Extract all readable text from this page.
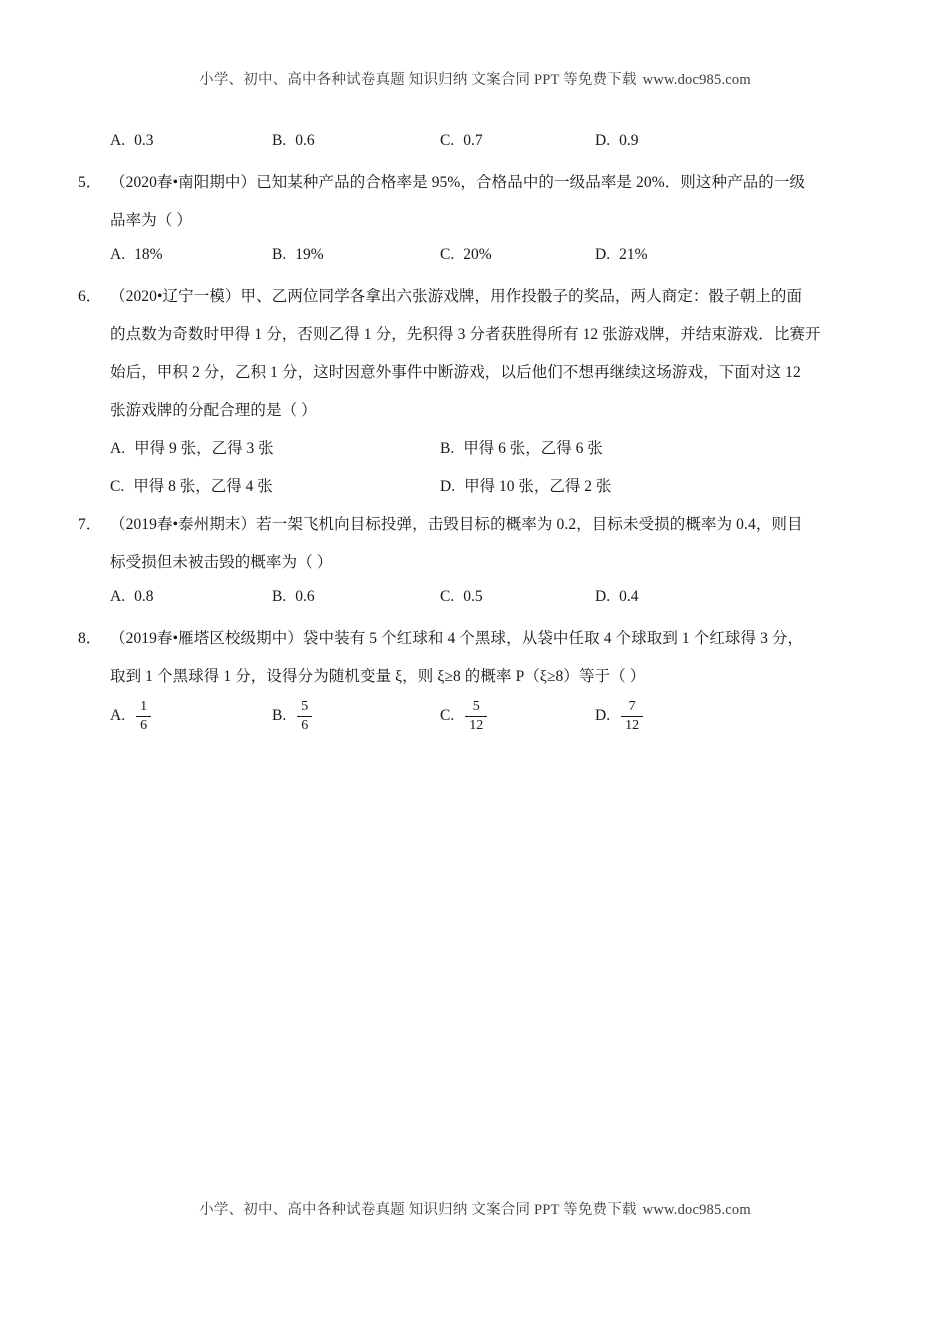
小学、初中、高中各种试卷真题 知识归纳 文案合同 PPT 等免费下载 www.doc985.com
A. 0.3	B. 0.6	C. 0.7	D. 0.9
5． （2020春•南阳期中）已知某种产品的合格率是 95%，合格品中的一级品率是 20%．则这种产品的一级
品率为（ ）
A. 18%	B. 19%	C. 20%	D. 21%
6． （2020•辽宁一模）甲、乙两位同学各拿出六张游戏牌，用作投骰子的奖品，两人商定：骰子朝上的面
的点数为奇数时甲得 1 分，否则乙得 1 分，先积得 3 分者获胜得所有 12 张游戏牌，并结束游戏．比赛开
始后，甲积 2 分，乙积 1 分，这时因意外事件中断游戏，以后他们不想再继续这场游戏，下面对这 12
张游戏牌的分配合理的是（ ）
A. 甲得 9 张，乙得 3 张	B. 甲得 6 张，乙得 6 张
C. 甲得 8 张，乙得 4 张	D. 甲得 10 张，乙得 2 张
7． （2019春•泰州期末）若一架飞机向目标投弹，击毁目标的概率为 0.2，目标未受损的概率为 0.4，则目
标受损但未被击毁的概率为（ ）
A. 0.8	B. 0.6	C. 0.5	D. 0.4
8． （2019春•雁塔区校级期中）袋中装有 5 个红球和 4 个黑球，从袋中任取 4 个球取到 1 个红球得 3 分，
取到 1 个黑球得 1 分，设得分为随机变量 ξ，则 ξ≥8 的概率 P（ξ≥8）等于（ ）
A. $\frac{1}{6}$	B. $\frac{5}{6}$	C. $\frac{5}{12}$	D. $\frac{7}{12}$
小学、初中、高中各种试卷真题 知识归纳 文案合同 PPT 等免费下载 www.doc985.com
